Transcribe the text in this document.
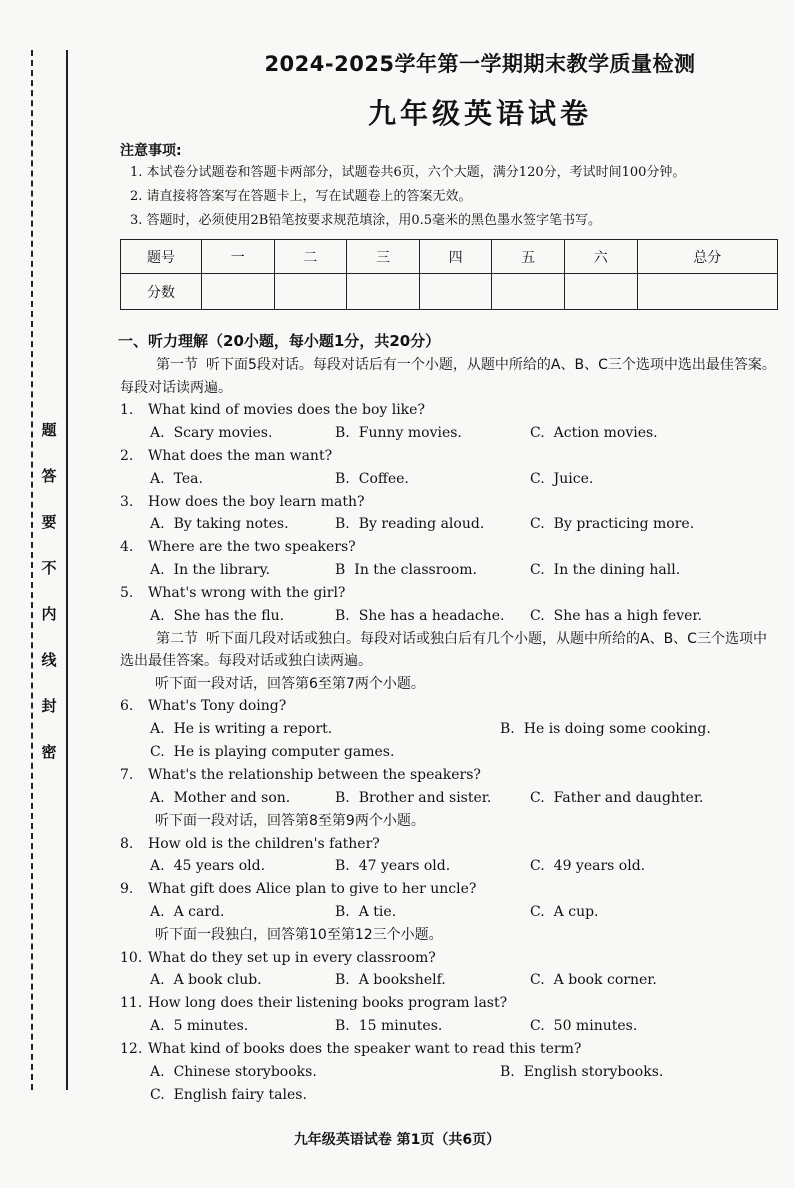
题
答
要
不
内
线
封
密
2024-2025学年第一学期期末教学质量检测
九年级英语试卷
注意事项:
1. 本试卷分试题卷和答题卡两部分，试题卷共6页，六个大题，满分120分，考试时间100分钟。
2. 请直接将答案写在答题卡上，写在试题卷上的答案无效。
3. 答题时，必须使用2B铅笔按要求规范填涂，用0.5毫米的黑色墨水签字笔书写。
题号	一	二	三	四	五	六	总分
分数							
一、听力理解（20小题，每小题1分，共20分）

第一节 听下面5段对话。每段对话后有一个小题，从题中所给的A、B、C三个选项中选出最佳答案。每段对话读两遍。

1. What kind of movies does the boy like?

A. Scary movies.	B. Funny movies.	C. Action movies.

2. What does the man want?

A. Tea.	B. Coffee.	C. Juice.

3. How does the boy learn math?

A. By taking notes.	B. By reading aloud.	C. By practicing more.

4. Where are the two speakers?

A. In the library.	B In the classroom.	C. In the dining hall.

5. What's wrong with the girl?

A. She has the flu.	B. She has a headache. C. She has a high fever.

第二节 听下面几段对话或独白。每段对话或独白后有几个小题，从题中所给的A、B、C三个选项中选出最佳答案。每段对话或独白读两遍。

听下面一段对话，回答第6至第7两个小题。

6. What's Tony doing?

A. He is writing a report.	B. He is doing some cooking.
C. He is playing computer games.

7. What's the relationship between the speakers?

A. Mother and son.	B. Brother and sister.	C. Father and daughter.

听下面一段对话，回答第8至第9两个小题。

8. How old is the children's father?

A. 45 years old.	B. 47 years old.	C. 49 years old.

9. What gift does Alice plan to give to her uncle?

A. A card.	B. A tie.	C. A cup.

听下面一段独白，回答第10至第12三个小题。

10. What do they set up in every classroom?

A. A book club.	B. A bookshelf.	C. A book corner.

11. How long does their listening books program last?

A. 5 minutes.	B. 15 minutes.	C. 50 minutes.

12. What kind of books does the speaker want to read this term?

A. Chinese storybooks.	B. English storybooks.
C. English fairy tales.
九年级英语试卷 第1页（共6页）
